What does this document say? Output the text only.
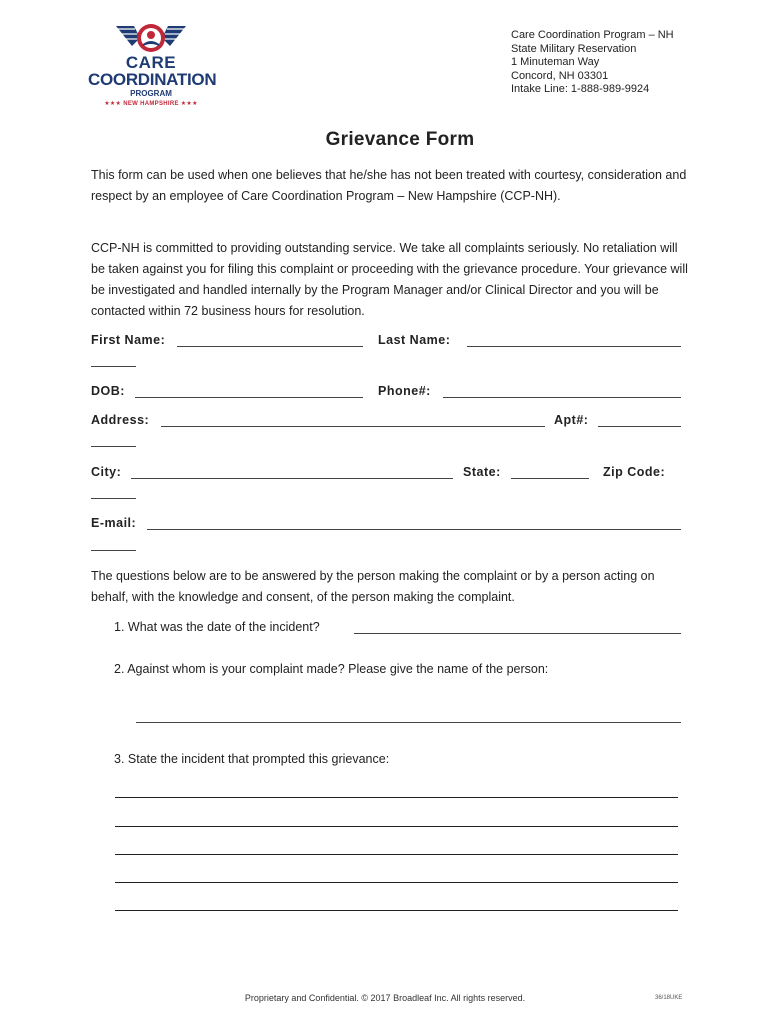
CARE
COORDINATION
PROGRAM
★★★ NEW HAMPSHIRE ★★★
Care Coordination Program – NH
State Military Reservation
1 Minuteman Way
Concord, NH 03301
Intake Line: 1-888-989-9924
Grievance Form
This form can be used when one believes that he/she has not been treated with courtesy, consideration and respect by an employee of Care Coordination Program – New Hampshire (CCP-NH).
CCP-NH is committed to providing outstanding service. We take all complaints seriously. No retaliation will be taken against you for filing this complaint or proceeding with the grievance procedure. Your grievance will be investigated and handled internally by the Program Manager and/or Clinical Director and you will be contacted within 72 business hours for resolution.
First Name:	Last Name:
DOB:	Phone#:
Address:	Apt#:
City:	State:	Zip Code:
E-mail:
The questions below are to be answered by the person making the complaint or by a person acting on behalf, with the knowledge and consent, of the person making the complaint.
1. What was the date of the incident?
2. Against whom is your complaint made? Please give the name of the person:
3. State the incident that prompted this grievance:
Proprietary and Confidential. © 2017 Broadleaf Inc. All rights reserved.	36/18UKE
